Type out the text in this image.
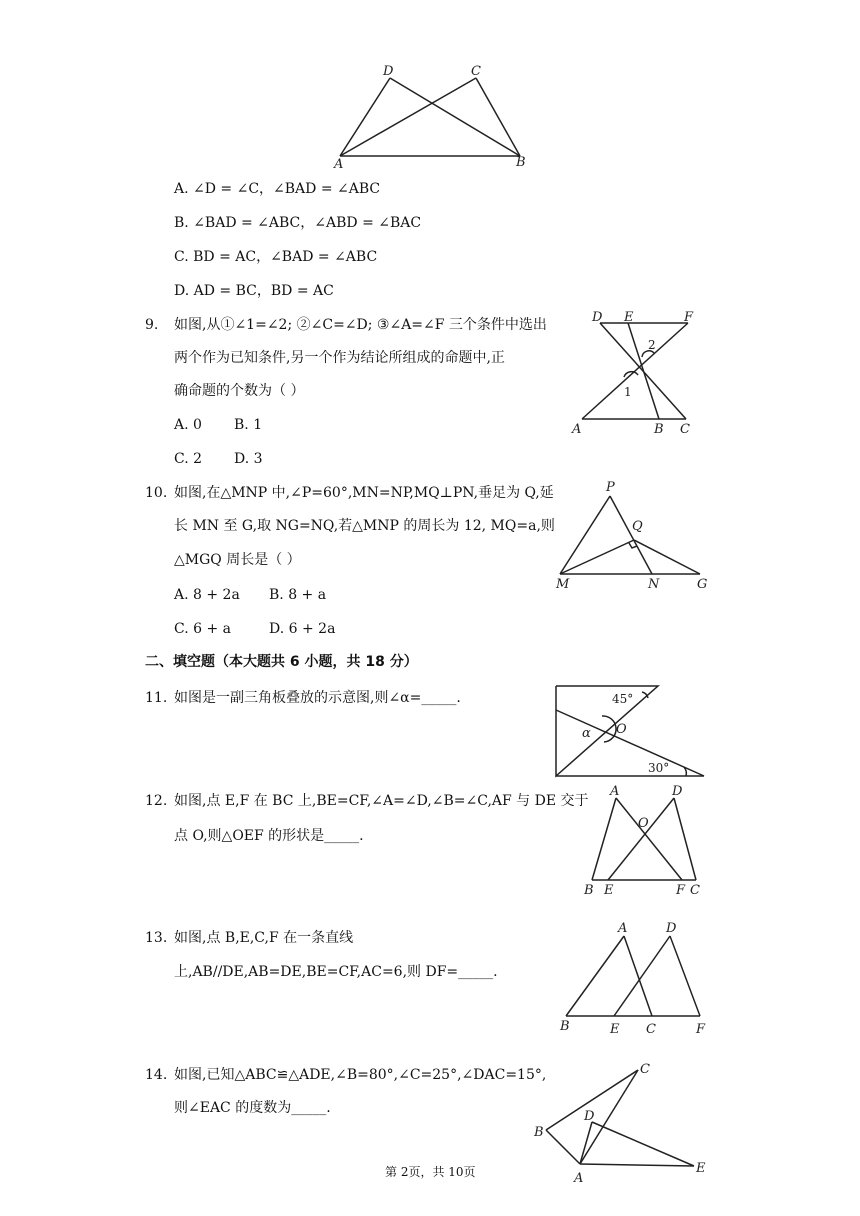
D	C
A	B
A. ∠D = ∠C，∠BAD = ∠ABC
B. ∠BAD = ∠ABC，∠ABD = ∠BAC
C. BD = AC，∠BAD = ∠ABC
D. AD = BC，BD = AC
9. 如图,从①∠1=∠2; ②∠C=∠D; ③∠A=∠F 三个条件中选出
两个作为已知条件,另一个作为结论所组成的命题中,正
确命题的个数为（ ）
A. 0 B. 1
C. 2 D. 3
D E	F
A	B C
1
2
10. 如图,在△MNP 中,∠P=60°,MN=NP,MQ⊥PN,垂足为 Q,延
长 MN 至 G,取 NG=NQ,若△MNP 的周长为 12, MQ=a,则
△MGQ 周长是（ ）
A. 8 + 2a B. 8 + a
C. 6 + a	D. 6 + 2a
P
Q
M	N	G
二、填空题（本大题共 6 小题，共 18 分）
11. 如图是一副三角板叠放的示意图,则∠α=_____.	45°
O
α
30°
12. 如图,点 E,F 在 BC 上,BE=CF,∠A=∠D,∠B=∠C,AF 与 DE 交于
点 O,则△OEF 的形状是_____.
A	D
O
B E	F C
13. 如图,点 B,E,C,F 在一条直线
上,AB//DE,AB=DE,BE=CF,AC=6,则 DF=_____.
A	D
B	E C	F
14. 如图,已知△ABC≌△ADE,∠B=80°,∠C=25°,∠DAC=15°,
则∠EAC 的度数为_____.
C
D
B
A
E
第 2页，共 10页
